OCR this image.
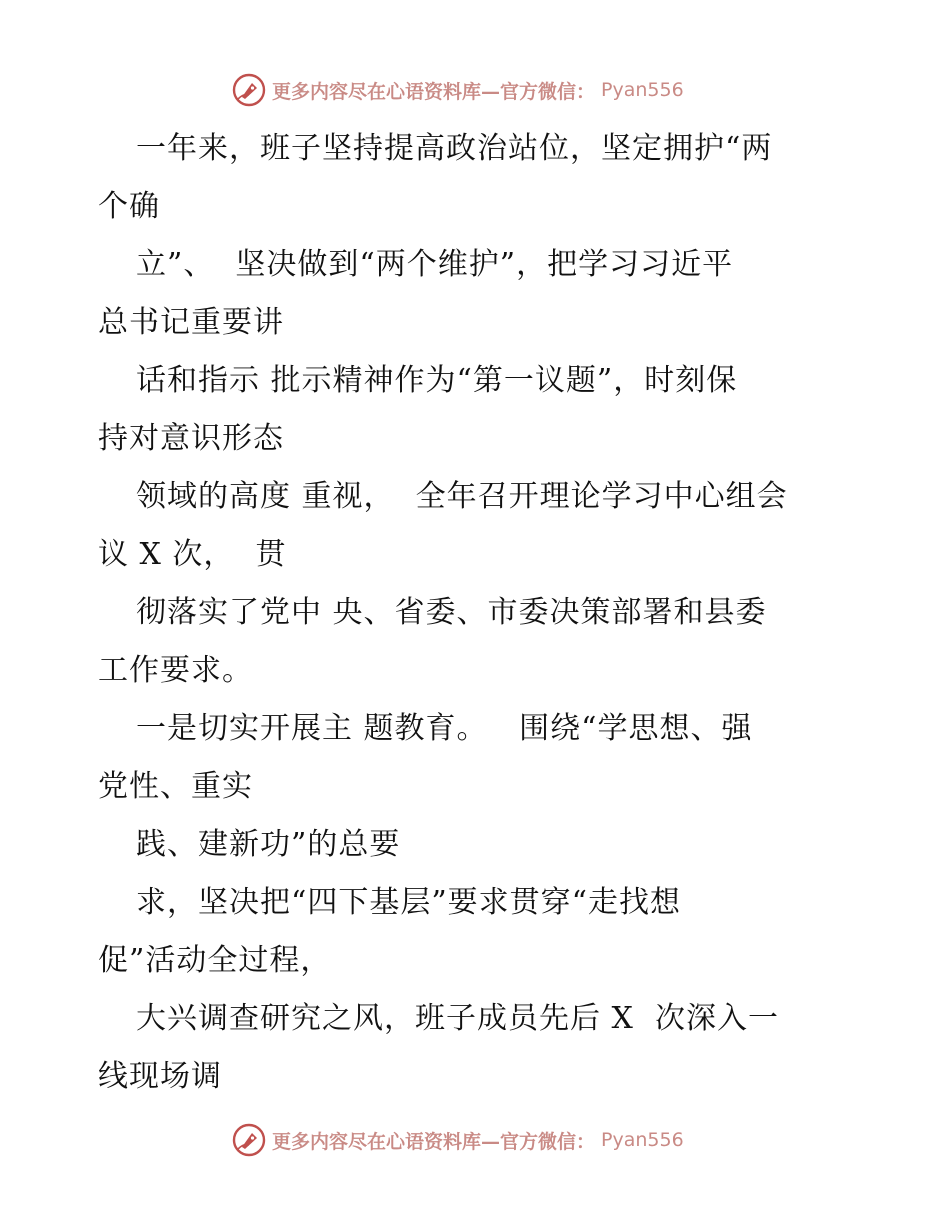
更多内容尽在心语资料库—官方微信： Pyan556
一年来，班子坚持提高政治站位，坚定拥护“两
个确
立”、  坚决做到“两个维护”，把学习习近平
总书记重要讲
话和指示 批示精神作为“第一议题”，时刻保
持对意识形态
领域的高度 重视，  全年召开理论学习中心组会
议 X 次，  贯
彻落实了党中 央、省委、市委决策部署和县委
工作要求。
一是切实开展主 题教育。   围绕“学思想、强
党性、重实
践、建新功”的总要
求，坚决把“四下基层”要求贯穿“走找想
促”活动全过程，
大兴调查研究之风，班子成员先后 X  次深入一
线现场调
更多内容尽在心语资料库—官方微信： Pyan556
